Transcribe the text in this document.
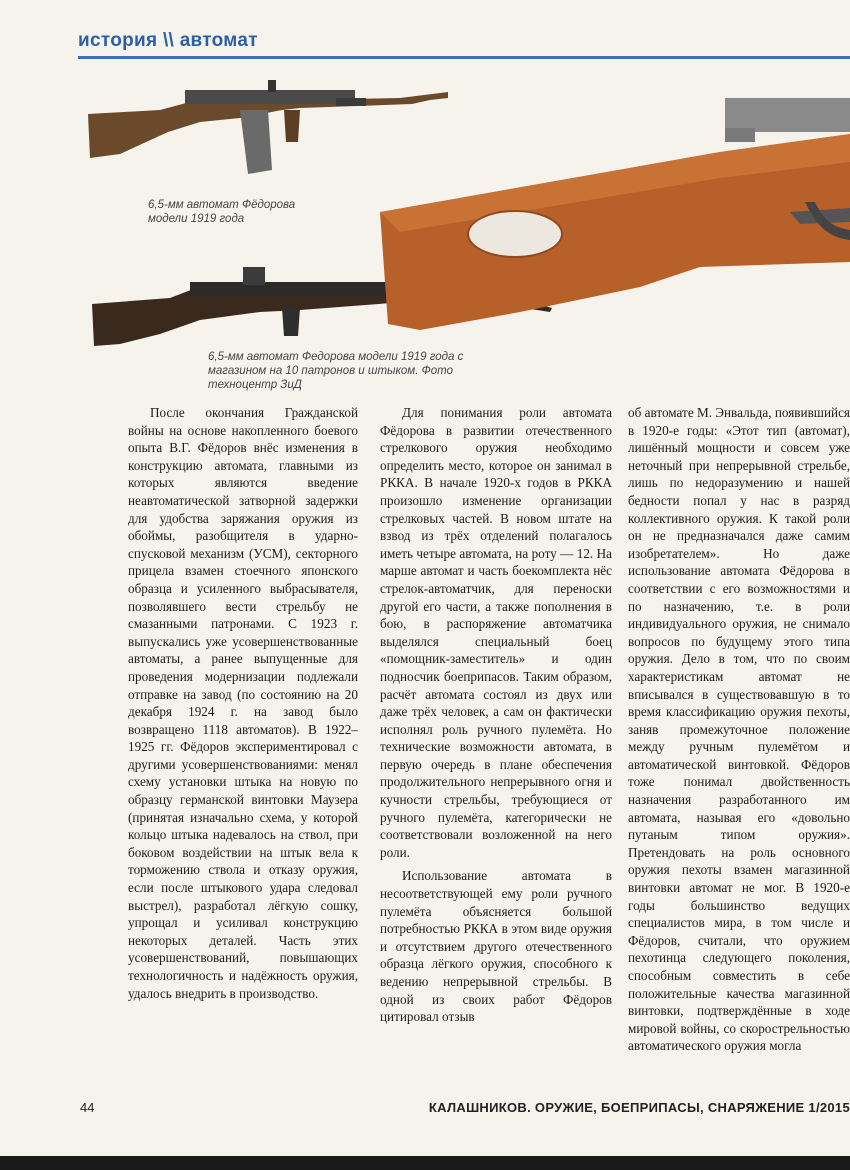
история \\ автомат
6,5-мм автомат Фёдорова модели 1919 года
6,5-мм автомат Федорова модели 1919 года с магазином на 10 патронов и штыком. Фото техноцентр ЗиД

После окончания Гражданской войны на основе накопленного боевого опыта В.Г. Фёдоров внёс изменения в конструкцию автомата, главными из которых являются введение неавтоматической затворной задержки для удобства заряжания оружия из обоймы, разобщителя в ударно-спусковой механизм (УСМ), секторного прицела взамен стоечного японского образца и усиленного выбрасывателя, позволявшего вести стрельбу не смазанными патронами. С 1923 г. выпускались уже усовершенствованные автоматы, а ранее выпущенные для проведения модернизации подлежали отправке на завод (по состоянию на 20 декабря 1924 г. на завод было возвращено 1118 автоматов). В 1922–1925 гг. Фёдоров экспериментировал с другими усовершенствованиями: менял схему установки штыка на новую по образцу германской винтовки Маузера (принятая изначально схема, у которой кольцо штыка надевалось на ствол, при боковом воздействии на штык вела к торможению ствола и отказу оружия, если после штыкового удара следовал выстрел), разработал лёгкую сошку, упрощал и усиливал конструкцию некоторых деталей. Часть этих усовершенствований, повышающих технологичность и надёжность оружия, удалось внедрить в производство.

Для понимания роли автомата Фёдорова в развитии отечественного стрелкового оружия необходимо определить место, которое он занимал в РККА. В начале 1920-х годов в РККА произошло изменение организации стрелковых частей. В новом штате на взвод из трёх отделений полагалось иметь четыре автомата, на роту — 12. На марше автомат и часть боекомплекта нёс стрелок-автоматчик, для переноски другой его части, а также пополнения в бою, в распоряжение автоматчика выделялся специальный боец «помощник-заместитель» и один подносчик боеприпасов. Таким образом, расчёт автомата состоял из двух или даже трёх человек, а сам он фактически исполнял роль ручного пулемёта. Но технические возможности автомата, в первую очередь в плане обеспечения продолжительного непрерывного огня и кучности стрельбы, требующиеся от ручного пулемёта, категорически не соответствовали возложенной на него роли.

Использование автомата в несоответствующей ему роли ручного пулемёта объясняется большой потребностью РККА в этом виде оружия и отсутствием другого отечественного образца лёгкого оружия, способного к ведению непрерывной стрельбы. В одной из своих работ Фёдоров цитировал отзыв

об автомате М. Энвальда, появившийся в 1920-е годы: «Этот тип (автомат), лишённый мощности и совсем уже неточный при непрерывной стрельбе, лишь по недоразумению и нашей бедности попал у нас в разряд коллективного оружия. К такой роли он не предназначался даже самим изобретателем». Но даже использование автомата Фёдорова в соответствии с его возможностями и по назначению, т.е. в роли индивидуального оружия, не снимало вопросов по будущему этого типа оружия. Дело в том, что по своим характеристикам автомат не вписывался в существовавшую в то время классификацию оружия пехоты, заняв промежуточное положение между ручным пулемётом и автоматической винтовкой. Фёдоров тоже понимал двойственность назначения разработанного им автомата, называя его «довольно путаным типом оружия». Претендовать на роль основного оружия пехоты взамен магазинной винтовки автомат не мог. В 1920-е годы большинство ведущих специалистов мира, в том числе и Фёдоров, считали, что оружием пехотинца следующего поколения, способным совместить в себе положительные качества магазинной винтовки, подтверждённые в ходе мировой войны, со скорострельностью автоматического оружия могла

44	КАЛАШНИКОВ. ОРУЖИЕ, БОЕПРИПАСЫ, СНАРЯЖЕНИЕ 1/2015
